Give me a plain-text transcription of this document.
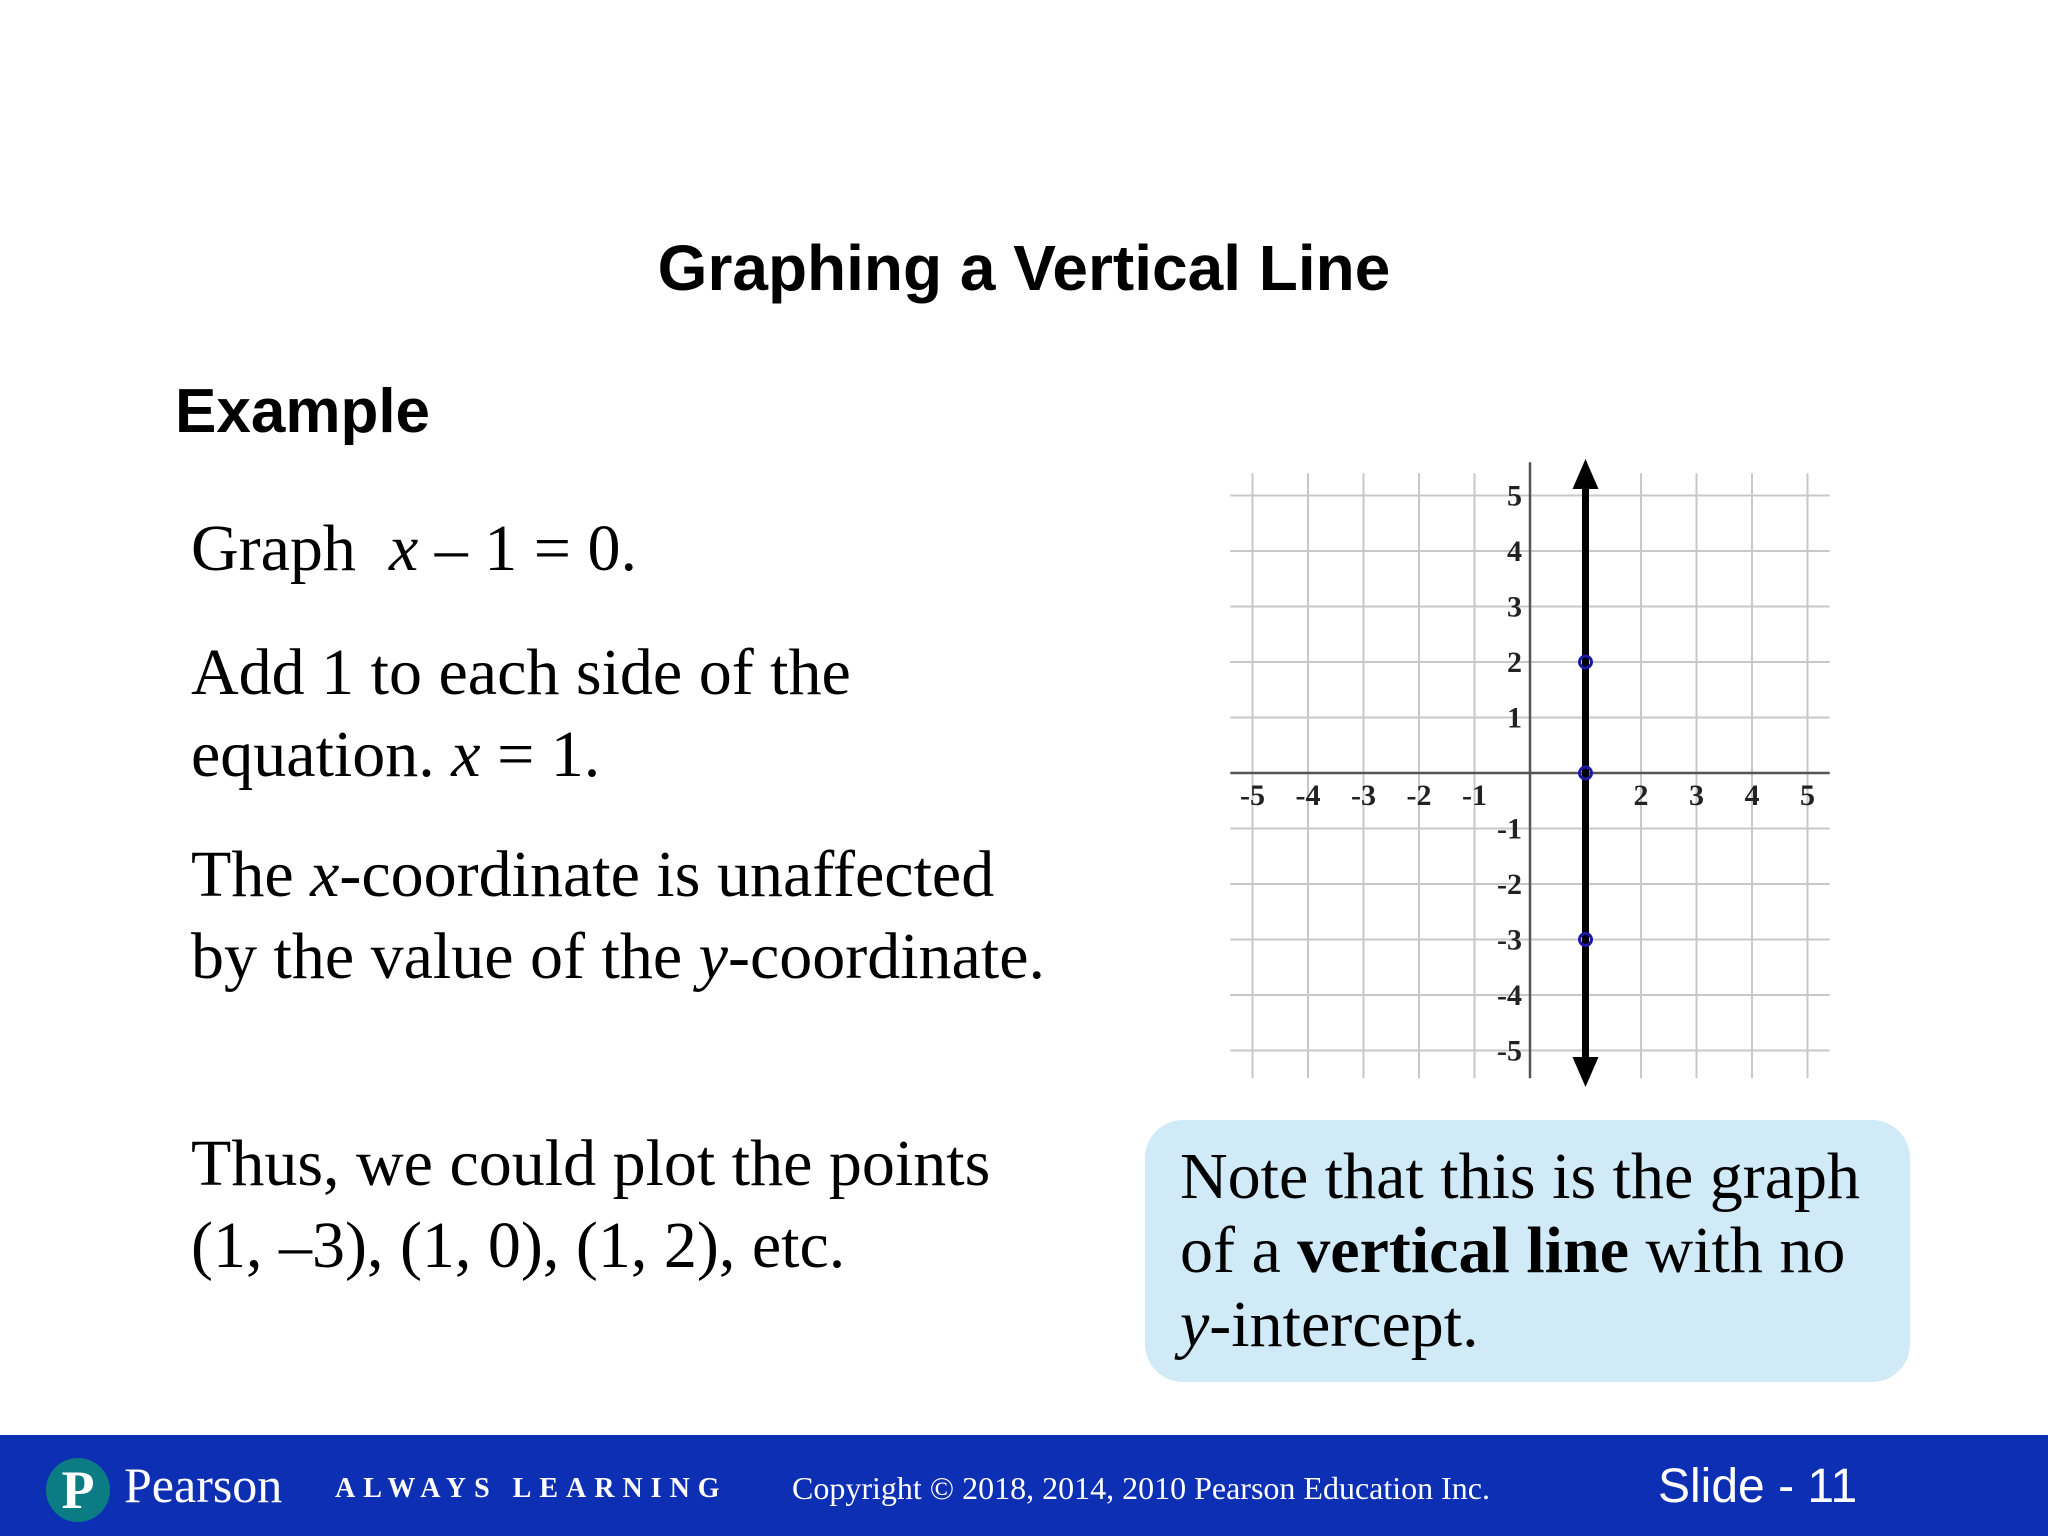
Graphing a Vertical Line
Example
Graph  x – 1 = 0.
Add 1 to each side of the equation. x = 1.
The x-coordinate is unaffected by the value of the y-coordinate.
Thus, we could plot the points (1, –3), (1, 0), (1, 2), etc.
-5 -4 -3 -2 -1	2 3 4 5
5
4
3
2
1
-1
-2
-3
-4
-5
Note that this is the graph of a vertical line with no y-intercept.
P Pearson ALWAYS LEARNING Copyright © 2018, 2014, 2010 Pearson Education Inc.	Slide - 11
